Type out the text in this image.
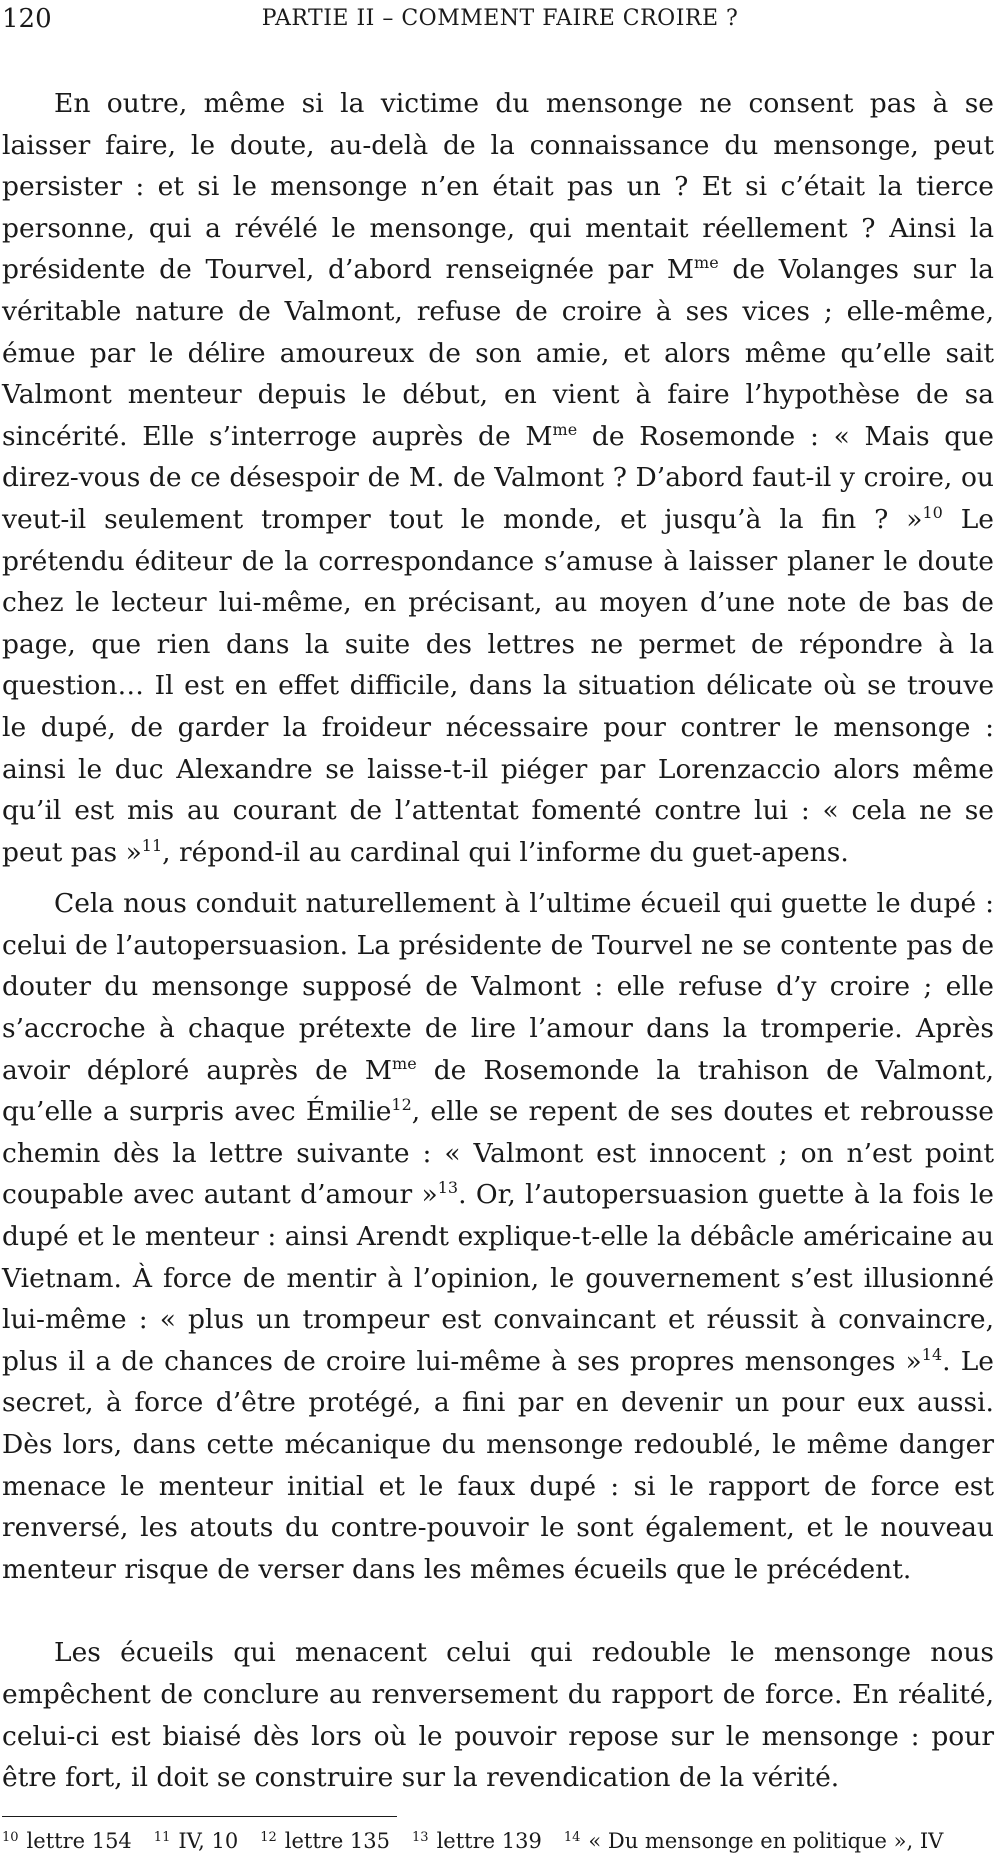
120	PARTIE II – COMMENT FAIRE CROIRE ?

En outre, même si la victime du mensonge ne consent pas à se laisser faire, le doute, au-delà de la connaissance du mensonge, peut persister : et si le mensonge n’en était pas un ? Et si c’était la tierce personne, qui a révélé le mensonge, qui mentait réellement ? Ainsi la présidente de Tourvel, d’abord renseignée par $M^{me}$ de Volanges sur la véritable nature de Valmont, refuse de croire à ses vices ; elle-même, émue par le délire amoureux de son amie, et alors même qu’elle sait Valmont menteur depuis le début, en vient à faire l’hypothèse de sa sincérité. Elle s’interroge auprès de $M^{me}$ de Rosemonde : « Mais que direz-vous de ce désespoir de M. de Valmont ? D’abord faut-il y croire, ou veut-il seulement tromper tout le monde, et jusqu’à la fin ? »$^{10}$ Le prétendu éditeur de la correspondance s’amuse à laisser planer le doute chez le lecteur lui-même, en précisant, au moyen d’une note de bas de page, que rien dans la suite des lettres ne permet de répondre à la question… Il est en effet difficile, dans la situation délicate où se trouve le dupé, de garder la froideur nécessaire pour contrer le mensonge : ainsi le duc Alexandre se laisse-t-il piéger par Lorenzaccio alors même qu’il est mis au courant de l’attentat fomenté contre lui : « cela ne se peut pas »$^{11}$, répond-il au cardinal qui l’informe du guet-apens.

Cela nous conduit naturellement à l’ultime écueil qui guette le dupé : celui de l’autopersuasion. La présidente de Tourvel ne se contente pas de douter du mensonge supposé de Valmont : elle refuse d’y croire ; elle s’accroche à chaque prétexte de lire l’amour dans la tromperie. Après avoir déploré auprès de $M^{me}$ de Rosemonde la trahison de Valmont, qu’elle a surpris avec Émilie$^{12}$, elle se repent de ses doutes et rebrousse chemin dès la lettre suivante : « Valmont est innocent ; on n’est point coupable avec autant d’amour »$^{13}$. Or, l’autopersuasion guette à la fois le dupé et le menteur : ainsi Arendt explique-t-elle la débâcle américaine au Vietnam. À force de mentir à l’opinion, le gouvernement s’est illusionné lui-même : « plus un trompeur est convaincant et réussit à convaincre, plus il a de chances de croire lui-même à ses propres mensonges »$^{14}$. Le secret, à force d’être protégé, a fini par en devenir un pour eux aussi. Dès lors, dans cette mécanique du mensonge redoublé, le même danger menace le menteur initial et le faux dupé : si le rapport de force est renversé, les atouts du contre-pouvoir le sont également, et le nouveau menteur risque de verser dans les mêmes écueils que le précédent.

Les écueils qui menacent celui qui redouble le mensonge nous empêchent de conclure au renversement du rapport de force. En réalité, celui-ci est biaisé dès lors où le pouvoir repose sur le mensonge : pour être fort, il doit se construire sur la revendication de la vérité.

$^{10}$ lettre 154 $^{11}$ IV, 10 $^{12}$ lettre 135 $^{13}$ lettre 139 $^{14}$ « Du mensonge en politique », IV
